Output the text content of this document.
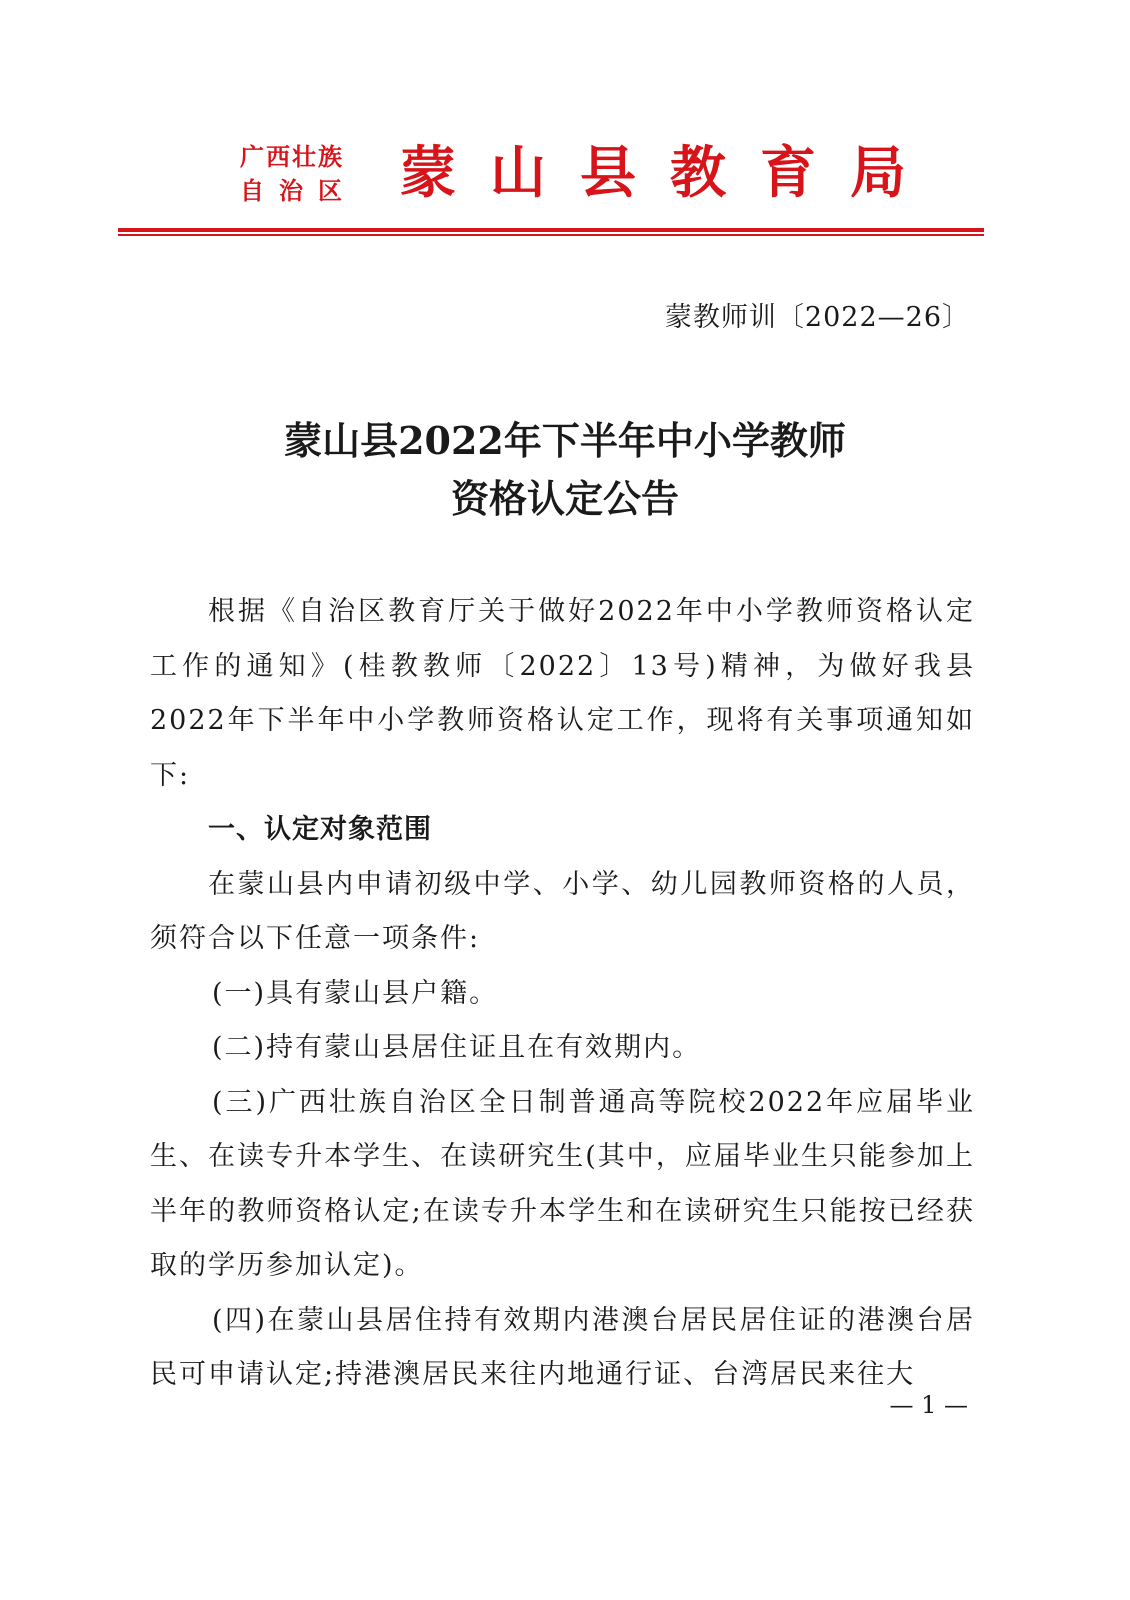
广西壮族
自治区 蒙山县教育局
蒙教师训〔2022—26〕
蒙山县2022年下半年中小学教师
资格认定公告

根据《自治区教育厅关于做好2022年中小学教师资格认定工作的通知》(桂教教师〔2022〕13号)精神，为做好我县2022年下半年中小学教师资格认定工作，现将有关事项通知如下:

一、认定对象范围

在蒙山县内申请初级中学、小学、幼儿园教师资格的人员，须符合以下任意一项条件:

(一)具有蒙山县户籍。

(二)持有蒙山县居住证且在有效期内。

(三)广西壮族自治区全日制普通高等院校2022年应届毕业生、在读专升本学生、在读研究生(其中，应届毕业生只能参加上半年的教师资格认定;在读专升本学生和在读研究生只能按已经获取的学历参加认定)。

(四)在蒙山县居住持有效期内港澳台居民居住证的港澳台居民可申请认定;持港澳居民来往内地通行证、台湾居民来往大

— 1 —
